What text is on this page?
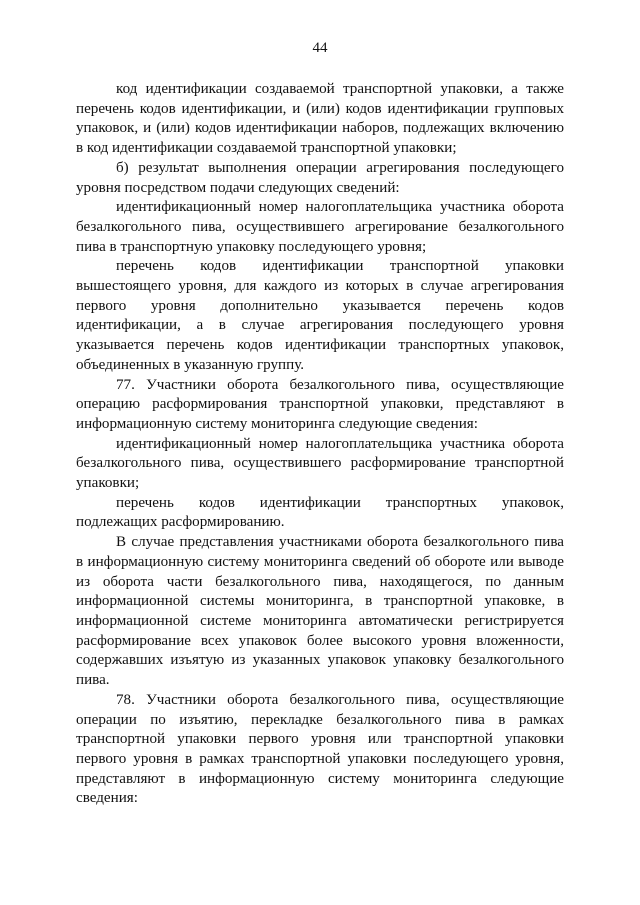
44

код идентификации создаваемой транспортной упаковки, а также перечень кодов идентификации, и (или) кодов идентификации групповых упаковок, и (или) кодов идентификации наборов, подлежащих включению в код идентификации создаваемой транспортной упаковки;

б) результат выполнения операции агрегирования последующего уровня посредством подачи следующих сведений:

идентификационный номер налогоплательщика участника оборота безалкогольного пива, осуществившего агрегирование безалкогольного пива в транспортную упаковку последующего уровня;

перечень кодов идентификации транспортной упаковки вышестоящего уровня, для каждого из которых в случае агрегирования первого уровня дополнительно указывается перечень кодов идентификации, а в случае агрегирования последующего уровня указывается перечень кодов идентификации транспортных упаковок, объединенных в указанную группу.

77. Участники оборота безалкогольного пива, осуществляющие операцию расформирования транспортной упаковки, представляют в информационную систему мониторинга следующие сведения:

идентификационный номер налогоплательщика участника оборота безалкогольного пива, осуществившего расформирование транспортной упаковки;

перечень кодов идентификации транспортных упаковок, подлежащих расформированию.

В случае представления участниками оборота безалкогольного пива в информационную систему мониторинга сведений об обороте или выводе из оборота части безалкогольного пива, находящегося, по данным информационной системы мониторинга, в транспортной упаковке, в информационной системе мониторинга автоматически регистрируется расформирование всех упаковок более высокого уровня вложенности, содержавших изъятую из указанных упаковок упаковку безалкогольного пива.

78. Участники оборота безалкогольного пива, осуществляющие операции по изъятию, перекладке безалкогольного пива в рамках транспортной упаковки первого уровня или транспортной упаковки первого уровня в рамках транспортной упаковки последующего уровня, представляют в информационную систему мониторинга следующие сведения:
